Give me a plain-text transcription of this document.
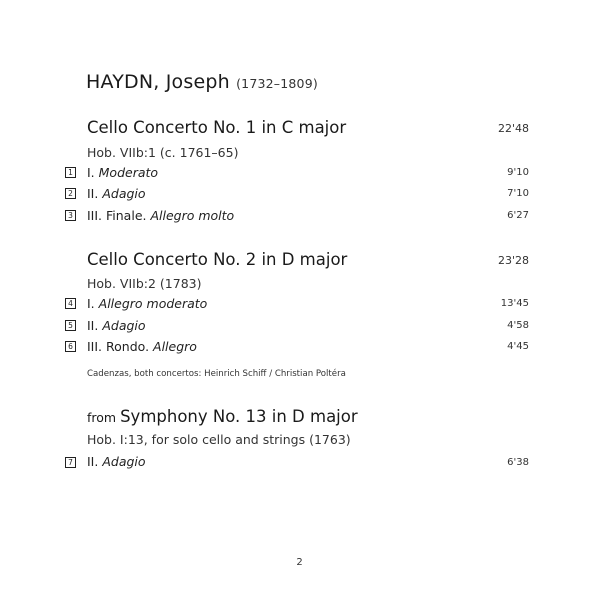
HAYDN, Joseph (1732–1809)
Cello Concerto No. 1 in C major	22'48
Hob. VIIb:1 (c. 1761–65)
1 I. Moderato	9'10
2 II. Adagio	7'10
3 III. Finale. Allegro molto	6'27
Cello Concerto No. 2 in D major	23'28
Hob. VIIb:2 (1783)
4 I. Allegro moderato	13'45
5 II. Adagio	4'58
6 III. Rondo. Allegro	4'45
Cadenzas, both concertos: Heinrich Schiff / Christian Poltéra
from Symphony No. 13 in D major
Hob. I:13, for solo cello and strings (1763)
7 II. Adagio	6'38
2
